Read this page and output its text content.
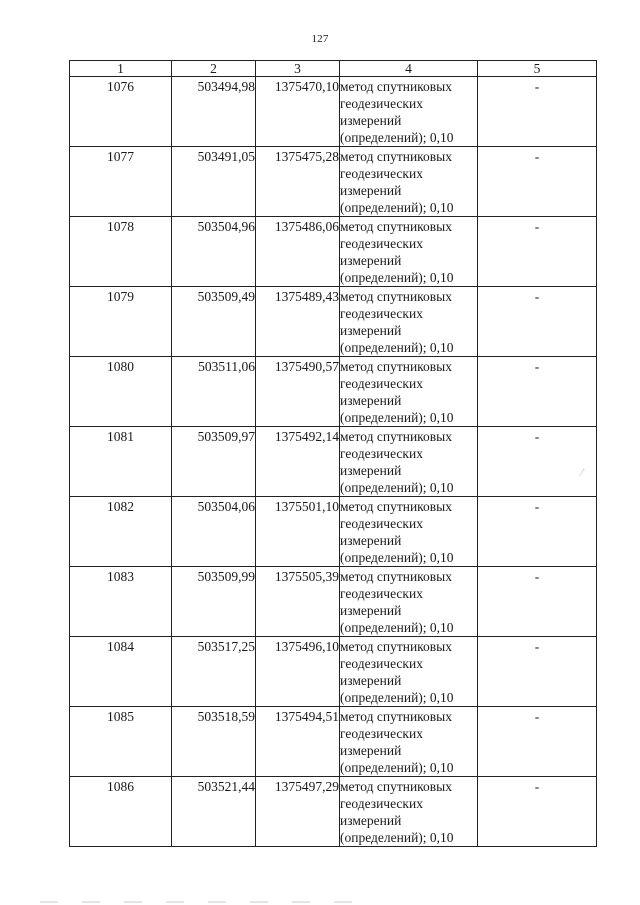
127
1	2	3	4	5

1076	503494,98	1375470,10	метод спутниковых геодезических измерений (определений); 0,10	-

1077	503491,05	1375475,28	метод спутниковых геодезических измерений (определений); 0,10	-

1078	503504,96	1375486,06	метод спутниковых геодезических измерений (определений); 0,10	-

1079	503509,49	1375489,43	метод спутниковых геодезических измерений (определений); 0,10	-

1080	503511,06	1375490,57	метод спутниковых геодезических измерений (определений); 0,10	-

1081	503509,97	1375492,14	метод спутниковых геодезических измерений (определений); 0,10	-

1082	503504,06	1375501,10	метод спутниковых геодезических измерений (определений); 0,10	-

1083	503509,99	1375505,39	метод спутниковых геодезических измерений (определений); 0,10	-

1084	503517,25	1375496,10	метод спутниковых геодезических измерений (определений); 0,10	-

1085	503518,59	1375494,51	метод спутниковых геодезических измерений (определений); 0,10	-

1086	503521,44	1375497,29	метод спутниковых геодезических измерений (определений); 0,10	-
